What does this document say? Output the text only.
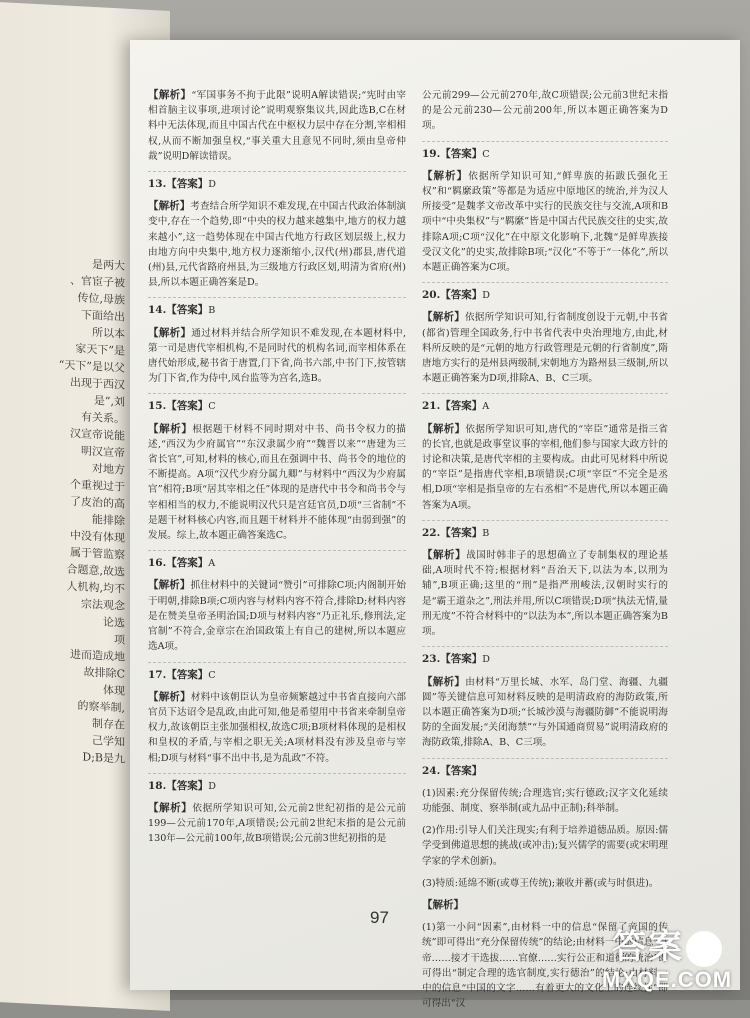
是两大
、官宦子被
传位,母族
下面给出
所以本
家天下”是
“天下”是以父
出现于西汉
是”,刘
有关系。
汉宣帝说能
明汉宣帝
对地方
个重视过于
了皮治的高
能排除
中没有体现
属于管监察
合题意,故选
人机构,均不
宗法观念
论选
项
进而造成地
故排除C
体现
的察举制,
制存在
己学知
D;B是九
【解析】“军国事务不拘于此限”说明A解读错误;“宪时由宰相首脑主议事项,进项讨论”说明观察集议共,因此选B,C在材料中无法体现,而且中国古代在中枢权力层中存在分割,宰相相权,从而不断加强皇权,“事关重大且意见不同时,须由皇帝仲裁”说明D解读错误。
13.【答案】D
【解析】考查结合所学知识不难发现,在中国古代政治体制演变中,存在一个趋势,即“中央的权力越来越集中,地方的权力越来越小”,这一趋势体现在中国古代地方行政区划层级上,权力由地方向中央集中,地方权力逐渐缩小,汉代(州)郡县,唐代道(州)县,元代省路府州县,为三级地方行政区划,明清为省府(州)县,所以本题正确答案是D。
14.【答案】B
【解析】通过材料并结合所学知识不难发现,在本题材料中,第一司是唐代宰相机构,不是同时代的机构名词,而宰相体系在唐代始形成,秘书省于唐置,门下省,尚书六部,中书门下,按管辖为门下省,作为侍中,凤台监等为宫名,选B。
15.【答案】C
【解析】根据题干材料不同时期对中书、尚书令权力的描述,“西汉为少府属官”“东汉隶属少府”“魏晋以来”“唐建为三省长官”,可知,材料的核心,而且在强调中书、尚书令的地位的不断提高。A项“汉代少府分属九卿”与材料中“西汉为少府属官”相符;B项“居其宰相之任”体现的是唐代中书令和尚书令与宰相相当的权力,不能说明汉代只是宫廷官员,D项“三省制”不是题干材料核心内容,而且题干材料并不能体现“由弱到强”的发展。综上,故本题正确答案选C。
16.【答案】A
【解析】抓住材料中的关键词“赞引”可排除C项;内阁制开始于明朝,排除B项;C项内容与材料内容不符合,排除D;材料内容是在赞美皇帝圣明治国;D项与材料内容“乃正礼乐,修刑法,定官制”不符合,金章宗在治国政策上有自己的建树,所以本题应选A项。
17.【答案】C
【解析】材料中该朝臣认为皇帝频繁越过中书省直接向六部官员下达诏令是乱政,由此可知,他是希望用中书省来牵制皇帝权力,故该朝臣主张加强相权,故选C项;B项材料体现的是相权和皇权的矛盾,与宰相之职无关;A项材料没有涉及皇帝与宰相;D项与材料“事不出中书,是为乱政”不符。
18.【答案】D
【解析】依据所学知识可知,公元前2世纪初指的是公元前199—公元前170年,A项错误;公元前2世纪末指的是公元前130年—公元前100年,故B项错误;公元前3世纪初指的是
公元前299—公元前270年,故C项错误;公元前3世纪末指的是公元前230—公元前200年,所以本题正确答案为D项。
19.【答案】C
【解析】依据所学知识可知,“鲜卑族的拓跋氏强化王权”和“羁縻政策”等都是为适应中原地区的统治,并为汉人所接受”是魏孝文帝改革中实行的民族交往与交流,A项和B项中“中央集权”与“羁縻”皆是中国古代民族交往的史实,故排除A项;C项“汉化”在中原文化影响下,北魏“是鲜卑族接受汉文化”的史实,故排除B项;“汉化”不等于“一体化”,所以本题正确答案为C项。
20.【答案】D
【解析】依据所学知识可知,行省制度创设于元朝,中书省(都省)管理全国政务,行中书省代表中央治理地方,由此,材料所反映的是“元朝的地方行政管理是元朝的行省制度”,隋唐地方实行的是州县两级制,宋朝地方为路州县三级制,所以本题正确答案为D项,排除A、B、C三项。
21.【答案】A
【解析】依据所学知识可知,唐代的“宰臣”通常是指三省的长官,也就是政事堂议事的宰相,他们参与国家大政方针的讨论和决策,是唐代宰相的主要构成。由此可见材料中所说的“宰臣”是指唐代宰相,B项错误;C项“宰臣”不完全是丞相,D项“宰相是指皇帝的左右丞相”不是唐代,所以本题正确答案为A项。
22.【答案】B
【解析】战国时韩非子的思想确立了专制集权的理论基础,A项时代不符;根据材料“吾治天下,以法为本,以刑为辅”,B项正确;这里的“刑”是指严刑峻法,汉朝时实行的是“霸王道杂之”,刑法并用,所以C项错误;D项“执法无情,量刑无度”不符合材料中的“以法为本”,所以本题正确答案为B项。
23.【答案】D
【解析】由材料“万里长城、水军、岛门堂、海疆、九疆圆”等关键信息可知材料反映的是明清政府的海防政策,所以本题正确答案为D项;“长城沙漠与海疆防御”不能说明海防的全面发展;“关闭海禁”“与外国通商贸易”说明清政府的海防政策,排除A、B、C三项。
24.【答案】
(1)因素:充分保留传统;合理选官;实行德政;汉字文化延续功能强、制度、察举制(或九品中正制);科举制。
(2)作用:引导人们关注现实;有利于培养道德品质。原因:儒学受到佛道思想的挑战(或冲击);复兴儒学的需要(或宋明理学家的学术创新)。
(3)特质:延绵不断(或尊王传统);兼收并蓄(或与时俱进)。
【解析】
(1)第一小问“因素”,由材料一中的信息“保留了帝国的传统”即可得出“充分保留传统”的结论;由材料一中的信息“皇帝……接才干选拔……官僚……实行公正和道德的统治”即可得出“制定合理的选官制度,实行德治”的结论;由材料一中的信息“中国的文字……有着更大的文化上的连续性”即可得出“汉
97
答案
MXQE.COM
